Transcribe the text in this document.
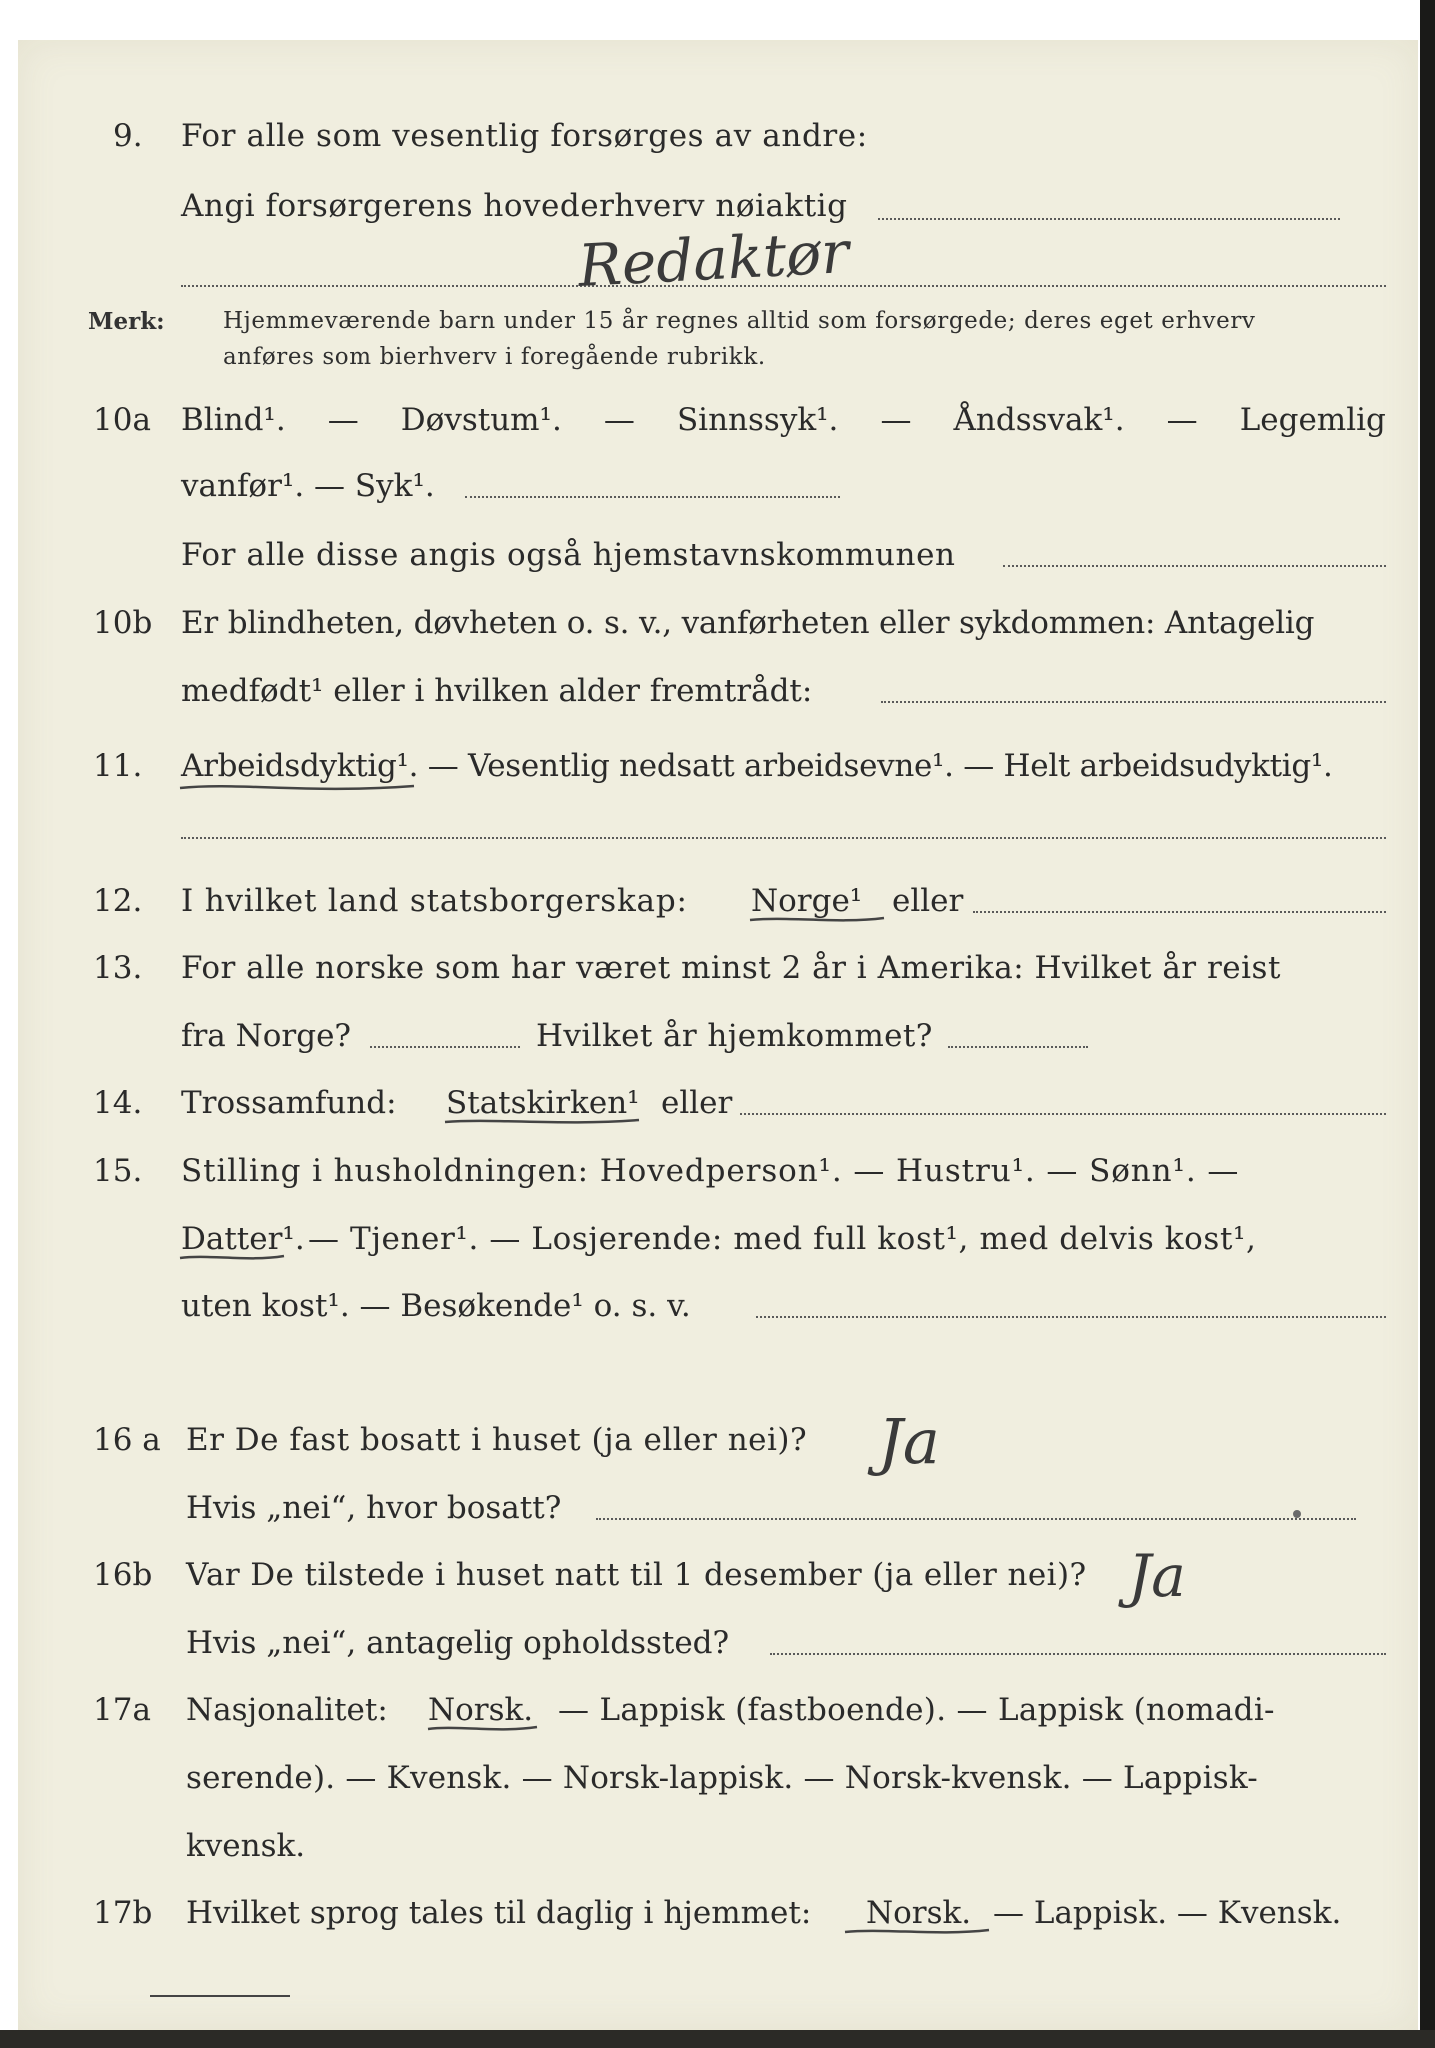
9. For alle som vesentlig forsørges av andre:
Angi forsørgerens hovederhverv nøiaktig
Redaktør
Merk:	Hjemmeværende barn under 15 år regnes alltid som forsørgede; deres eget erhverv
anføres som bierhverv i foregående rubrikk.
10a Blind¹. — Døvstum¹. — Sinnssyk¹. — Åndssvak¹. — Legemlig
vanfør¹. — Syk¹.
For alle disse angis også hjemstavnskommunen
10b Er blindheten, døvheten o. s. v., vanførheten eller sykdommen: Antagelig
medfødt¹ eller i hvilken alder fremtrådt:
11. Arbeidsdyktig¹. — Vesentlig nedsatt arbeidsevne¹. — Helt arbeidsudyktig¹.
12. I hvilket land statsborgerskap: Norge¹ eller
13. For alle norske som har været minst 2 år i Amerika: Hvilket år reist
fra Norge?	Hvilket år hjemkommet?
14. Trossamfund: Statskirken¹ eller
15. Stilling i husholdningen: Hovedperson¹. — Hustru¹. — Sønn¹. —
Datter¹. — Tjener¹. — Losjerende: med full kost¹, med delvis kost¹,
uten kost¹. — Besøkende¹ o. s. v.
16 a Er De fast bosatt i huset (ja eller nei)? Ja
Hvis „nei“, hvor bosatt?
16b Var De tilstede i huset natt til 1 desember (ja eller nei)? Ja
Hvis „nei“, antagelig opholdssted?
17a Nasjonalitet: Norsk. — Lappisk (fastboende). — Lappisk (nomadi-
serende). — Kvensk. — Norsk-lappisk. — Norsk-kvensk. — Lappisk-
kvensk.
17b Hvilket sprog tales til daglig i hjemmet: Norsk. — Lappisk. — Kvensk.
